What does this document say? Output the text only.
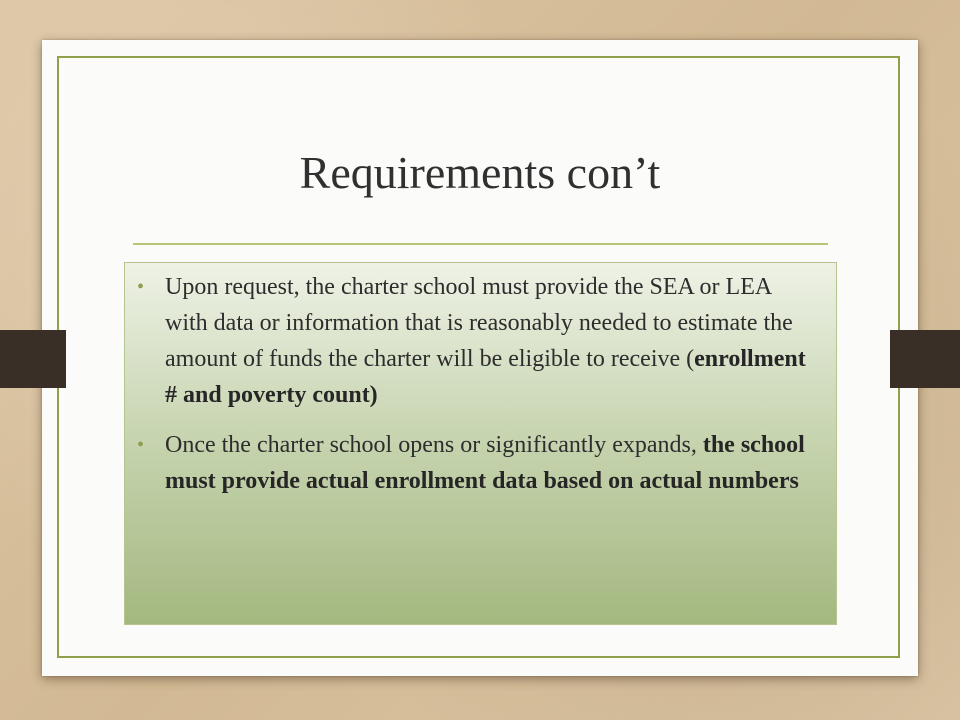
Requirements con’t
• Upon request, the charter school must provide the SEA or LEA with data or information that is reasonably needed to estimate the amount of funds the charter will be eligible to receive (enrollment # and poverty count)
• Once the charter school opens or significantly expands, the school must provide actual enrollment data based on actual numbers
